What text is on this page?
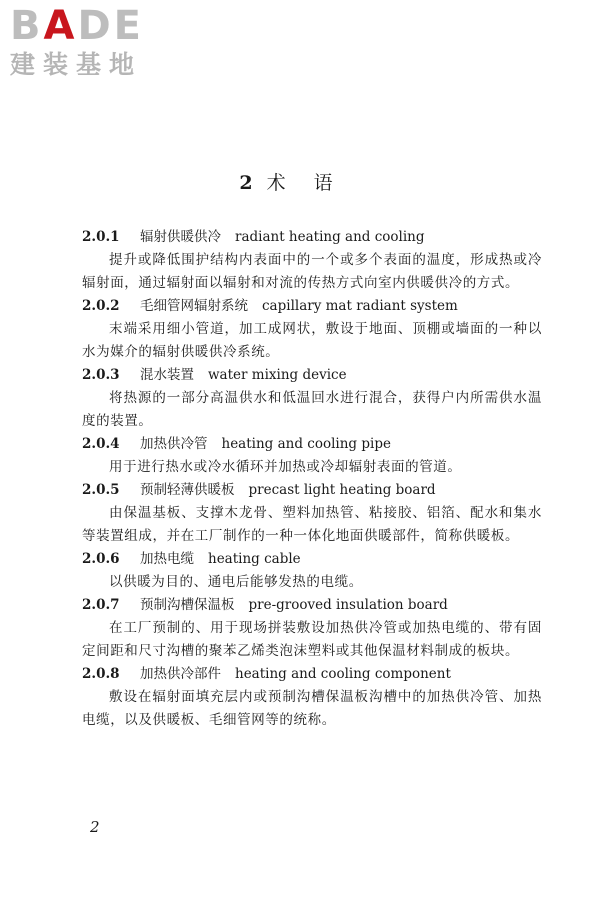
BADE
建装基地
2 术语
2.0.1 辐射供暖供冷 radiant heating and cooling
提升或降低围护结构内表面中的一个或多个表面的温度，形成热或冷辐射面，通过辐射面以辐射和对流的传热方式向室内供暖供冷的方式。
2.0.2 毛细管网辐射系统 capillary mat radiant system
末端采用细小管道，加工成网状，敷设于地面、顶棚或墙面的一种以水为媒介的辐射供暖供冷系统。
2.0.3 混水装置 water mixing device
将热源的一部分高温供水和低温回水进行混合，获得户内所需供水温度的装置。
2.0.4 加热供冷管 heating and cooling pipe
用于进行热水或冷水循环并加热或冷却辐射表面的管道。
2.0.5 预制轻薄供暖板 precast light heating board
由保温基板、支撑木龙骨、塑料加热管、粘接胶、铝箔、配水和集水等装置组成，并在工厂制作的一种一体化地面供暖部件，简称供暖板。
2.0.6 加热电缆 heating cable
以供暖为目的、通电后能够发热的电缆。
2.0.7 预制沟槽保温板 pre-grooved insulation board
在工厂预制的、用于现场拼装敷设加热供冷管或加热电缆的、带有固定间距和尺寸沟槽的聚苯乙烯类泡沫塑料或其他保温材料制成的板块。
2.0.8 加热供冷部件 heating and cooling component
敷设在辐射面填充层内或预制沟槽保温板沟槽中的加热供冷管、加热电缆，以及供暖板、毛细管网等的统称。
2
